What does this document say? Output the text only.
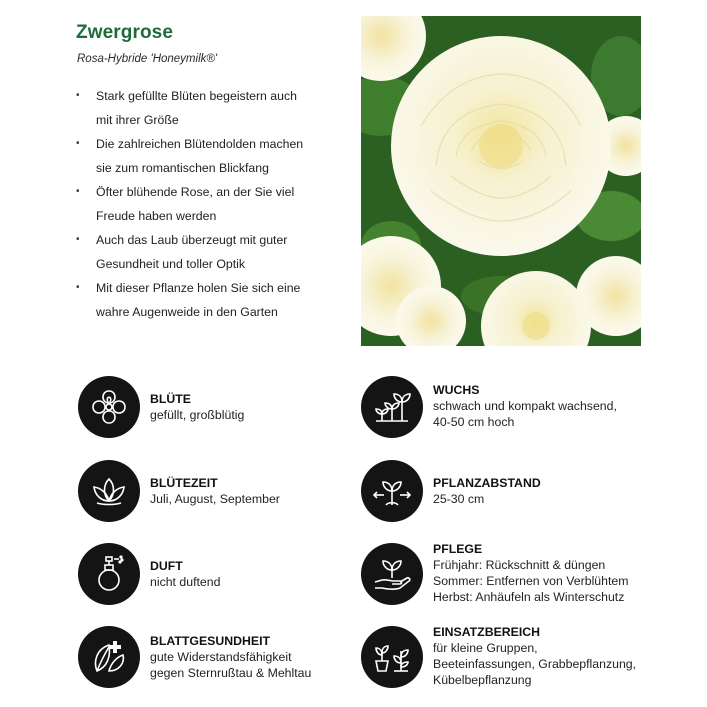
Zwergrose
Rosa-Hybride 'Honeymilk®'
• Stark gefüllte Blüten begeistern auch
mit ihrer Größe
• Die zahlreichen Blütendolden machen
sie zum romantischen Blickfang
• Öfter blühende Rose, an der Sie viel
Freude haben werden
• Auch das Laub überzeugt mit guter
Gesundheit und toller Optik
• Mit dieser Pflanze holen Sie sich eine
wahre Augenweide in den Garten
BLÜTE
gefüllt, großblütig
WUCHS
schwach und kompakt wachsend,
40-50 cm hoch
BLÜTEZEIT
Juli, August, September
PFLANZABSTAND
25-30 cm
DUFT
nicht duftend
PFLEGE
Frühjahr: Rückschnitt & düngen
Sommer: Entfernen von Verblühtem
Herbst: Anhäufeln als Winterschutz
BLATTGESUNDHEIT
gute Widerstandsfähigkeit
gegen Sternrußtau & Mehltau
EINSATZBEREICH
für kleine Gruppen,
Beeteinfassungen, Grabbepflanzung,
Kübelbepflanzung
